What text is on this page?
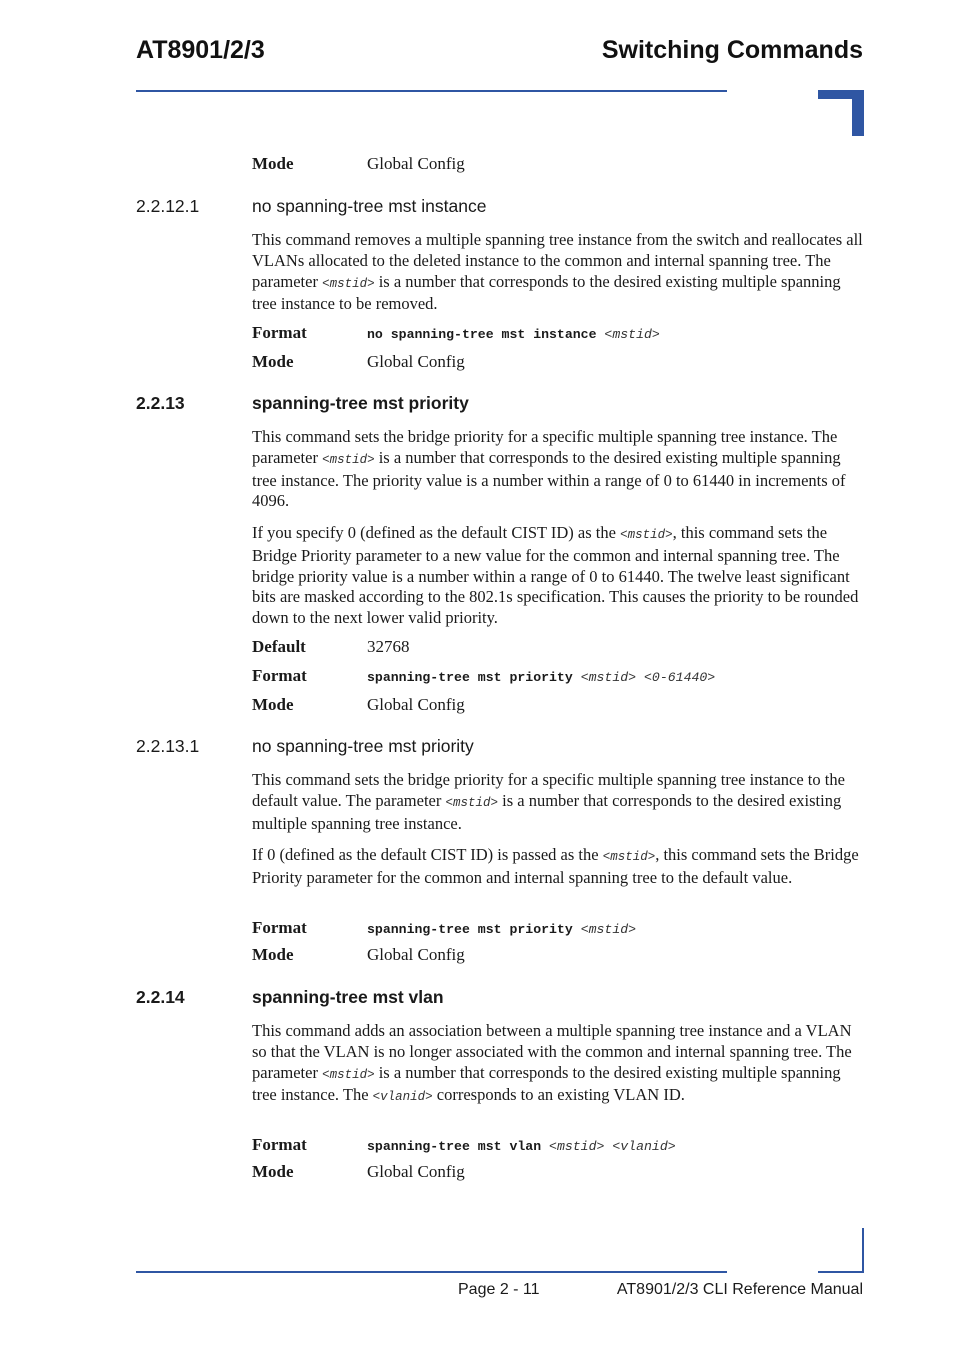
AT8901/2/3	Switching Commands
Mode	Global Config
2.2.12.1	no spanning-tree mst instance

This command removes a multiple spanning tree instance from the switch and reallocates all VLANs allocated to the deleted instance to the common and internal spanning tree. The parameter <mstid> is a number that corresponds to the desired existing multiple spanning tree instance to be removed.

Format	no spanning-tree mst instance <mstid>
Mode	Global Config
2.2.13	spanning-tree mst priority

This command sets the bridge priority for a specific multiple spanning tree instance. The parameter <mstid> is a number that corresponds to the desired existing multiple spanning tree instance. The priority value is a number within a range of 0 to 61440 in increments of 4096.

If you specify 0 (defined as the default CIST ID) as the <mstid>, this command sets the Bridge Priority parameter to a new value for the common and internal spanning tree. The bridge priority value is a number within a range of 0 to 61440. The twelve least significant bits are masked according to the 802.1s specification. This causes the priority to be rounded down to the next lower valid priority.

Default	32768
Format	spanning-tree mst priority <mstid> <0-61440>
Mode	Global Config
2.2.13.1	no spanning-tree mst priority

This command sets the bridge priority for a specific multiple spanning tree instance to the default value. The parameter <mstid> is a number that corresponds to the desired existing multiple spanning tree instance.

If 0 (defined as the default CIST ID) is passed as the <mstid>, this command sets the Bridge Priority parameter for the common and internal spanning tree to the default value.

Format	spanning-tree mst priority <mstid>
Mode	Global Config
2.2.14	spanning-tree mst vlan

This command adds an association between a multiple spanning tree instance and a VLAN so that the VLAN is no longer associated with the common and internal spanning tree. The parameter <mstid> is a number that corresponds to the desired existing multiple spanning tree instance. The <vlanid> corresponds to an existing VLAN ID.

Format	spanning-tree mst vlan <mstid> <vlanid>
Mode	Global Config
Page 2 - 11	AT8901/2/3 CLI Reference Manual
